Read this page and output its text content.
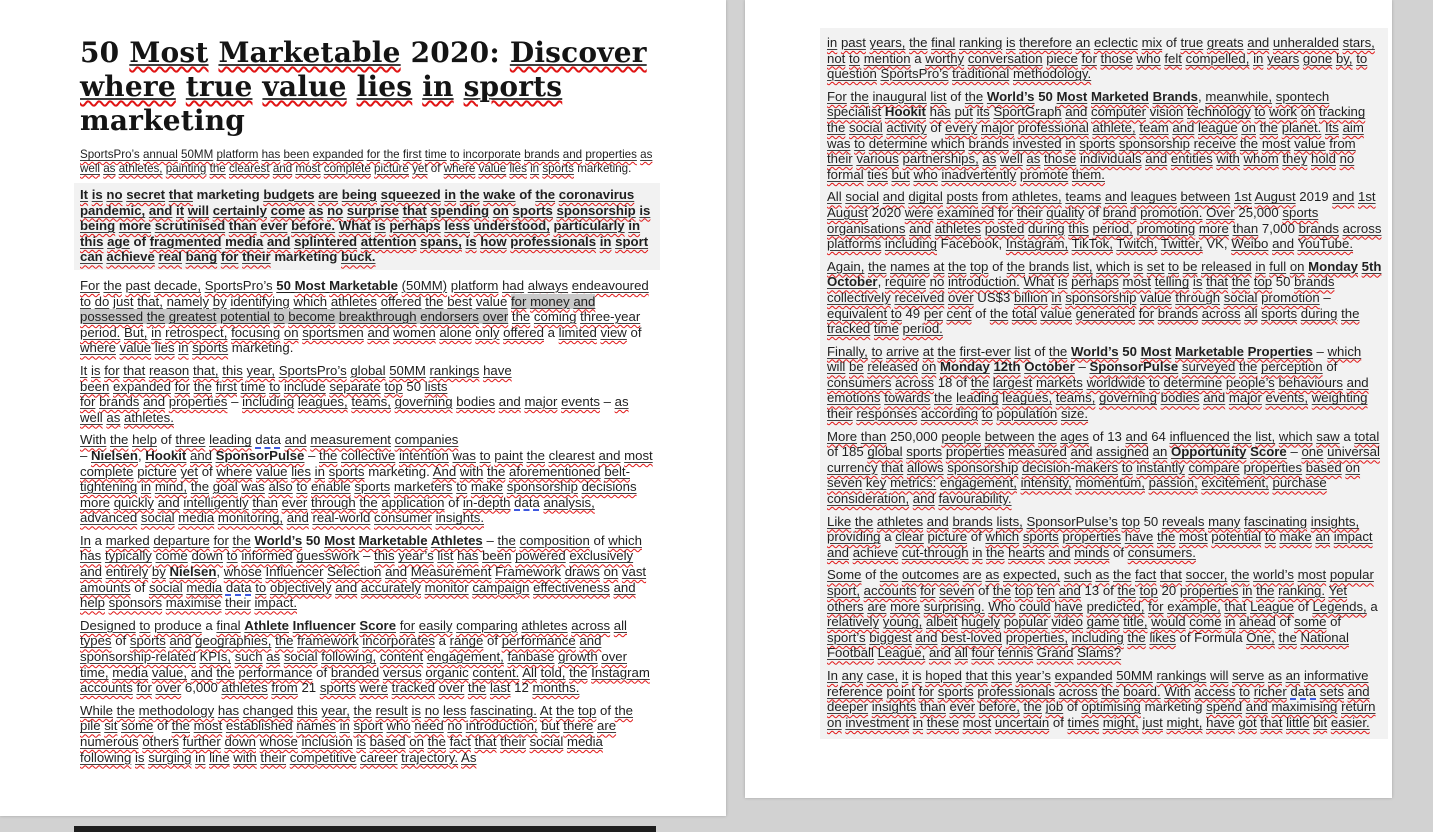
50 Most Marketable 2020: Discover where true value lies in sports marketing

SportsPro’s annual 50MM platform has been expanded for the first time to incorporate brands and properties as well as athletes, painting the clearest and most complete picture yet of where value lies in sports marketing.

It is no secret that marketing budgets are being squeezed in the wake of the coronavirus pandemic, and it will certainly come as no surprise that spending on sports sponsorship is being more scrutinised than ever before. What is perhaps less understood, particularly in this age of fragmented media and splintered attention spans, is how professionals in sport can achieve real bang for their marketing buck.

For the past decade, SportsPro’s 50 Most Marketable (50MM) platform had always endeavoured to do just that, namely by identifying which athletes offered the best value for money and possessed the greatest potential to become breakthrough endorsers over the coming three-year period. But, in retrospect, focusing on sportsmen and women alone only offered a limited view of where value lies in sports marketing.

It is for that reason that, this year, SportsPro’s global 50MM rankings have
been expanded for the first time to include separate top 50 lists
for brands and properties – including leagues, teams, governing bodies and major events – as well as athletes.

With the help of three leading data and measurement companies
– Nielsen, Hookit and SponsorPulse – the collective intention was to paint the clearest and most complete picture yet of where value lies in sports marketing. And with the aforementioned belt-tightening in mind, the goal was also to enable sports marketers to make sponsorship decisions more quickly and intelligently than ever through the application of in-depth data analysis, advanced social media monitoring, and real-world consumer insights.

In a marked departure for the World’s 50 Most Marketable Athletes – the composition of which has typically come down to informed guesswork – this year’s list has been powered exclusively and entirely by Nielsen, whose Influencer Selection and Measurement Framework draws on vast amounts of social media data to objectively and accurately monitor campaign effectiveness and help sponsors maximise their impact.

Designed to produce a final Athlete Influencer Score for easily comparing athletes across all types of sports and geographies, the framework incorporates a range of performance and sponsorship-related KPIs, such as social following, content engagement, fanbase growth over time, media value, and the performance of branded versus organic content. All told, the Instagram accounts for over 6,000 athletes from 21 sports were tracked over the last 12 months.

While the methodology has changed this year, the result is no less fascinating. At the top of the pile sit some of the most established names in sport who need no introduction, but there are numerous others further down whose inclusion is based on the fact that their social media following is surging in line with their competitive career trajectory. As

in past years, the final ranking is therefore an eclectic mix of true greats and unheralded stars, not to mention a worthy conversation piece for those who felt compelled, in years gone by, to question SportsPro’s traditional methodology.

For the inaugural list of the World’s 50 Most Marketed Brands, meanwhile, spontech specialist Hookit has put its SportGraph and computer vision technology to work on tracking the social activity of every major professional athlete, team and league on the planet. Its aim was to determine which brands invested in sports sponsorship receive the most value from their various partnerships, as well as those individuals and entities with whom they hold no formal ties but who inadvertently promote them.

All social and digital posts from athletes, teams and leagues between 1st August 2019 and 1st August 2020 were examined for their quality of brand promotion. Over 25,000 sports organisations and athletes posted during this period, promoting more than 7,000 brands across platforms including Facebook, Instagram, TikTok, Twitch, Twitter, VK, Weibo and YouTube.

Again, the names at the top of the brands list, which is set to be released in full on Monday 5th October, require no introduction. What is perhaps most telling is that the top 50 brands collectively received over US$3 billion in sponsorship value through social promotion – equivalent to 49 per cent of the total value generated for brands across all sports during the tracked time period.

Finally, to arrive at the first-ever list of the World’s 50 Most Marketable Properties – which will be released on Monday 12th October – SponsorPulse surveyed the perception of consumers across 18 of the largest markets worldwide to determine people’s behaviours and emotions towards the leading leagues, teams, governing bodies and major events, weighting their responses according to population size.

More than 250,000 people between the ages of 13 and 64 influenced the list, which saw a total of 185 global sports properties measured and assigned an Opportunity Score – one universal currency that allows sponsorship decision-makers to instantly compare properties based on seven key metrics: engagement, intensity, momentum, passion, excitement, purchase consideration, and favourability.

Like the athletes and brands lists, SponsorPulse’s top 50 reveals many fascinating insights, providing a clear picture of which sports properties have the most potential to make an impact and achieve cut-through in the hearts and minds of consumers.

Some of the outcomes are as expected, such as the fact that soccer, the world’s most popular sport, accounts for seven of the top ten and 13 of the top 20 properties in the ranking. Yet others are more surprising. Who could have predicted, for example, that League of Legends, a relatively young, albeit hugely popular video game title, would come in ahead of some of sport’s biggest and best-loved properties, including the likes of Formula One, the National Football League, and all four tennis Grand Slams?

In any case, it is hoped that this year’s expanded 50MM rankings will serve as an informative reference point for sports professionals across the board. With access to richer data sets and deeper insights than ever before, the job of optimising marketing spend and maximising return on investment in these most uncertain of times might, just might, have got that little bit easier.
